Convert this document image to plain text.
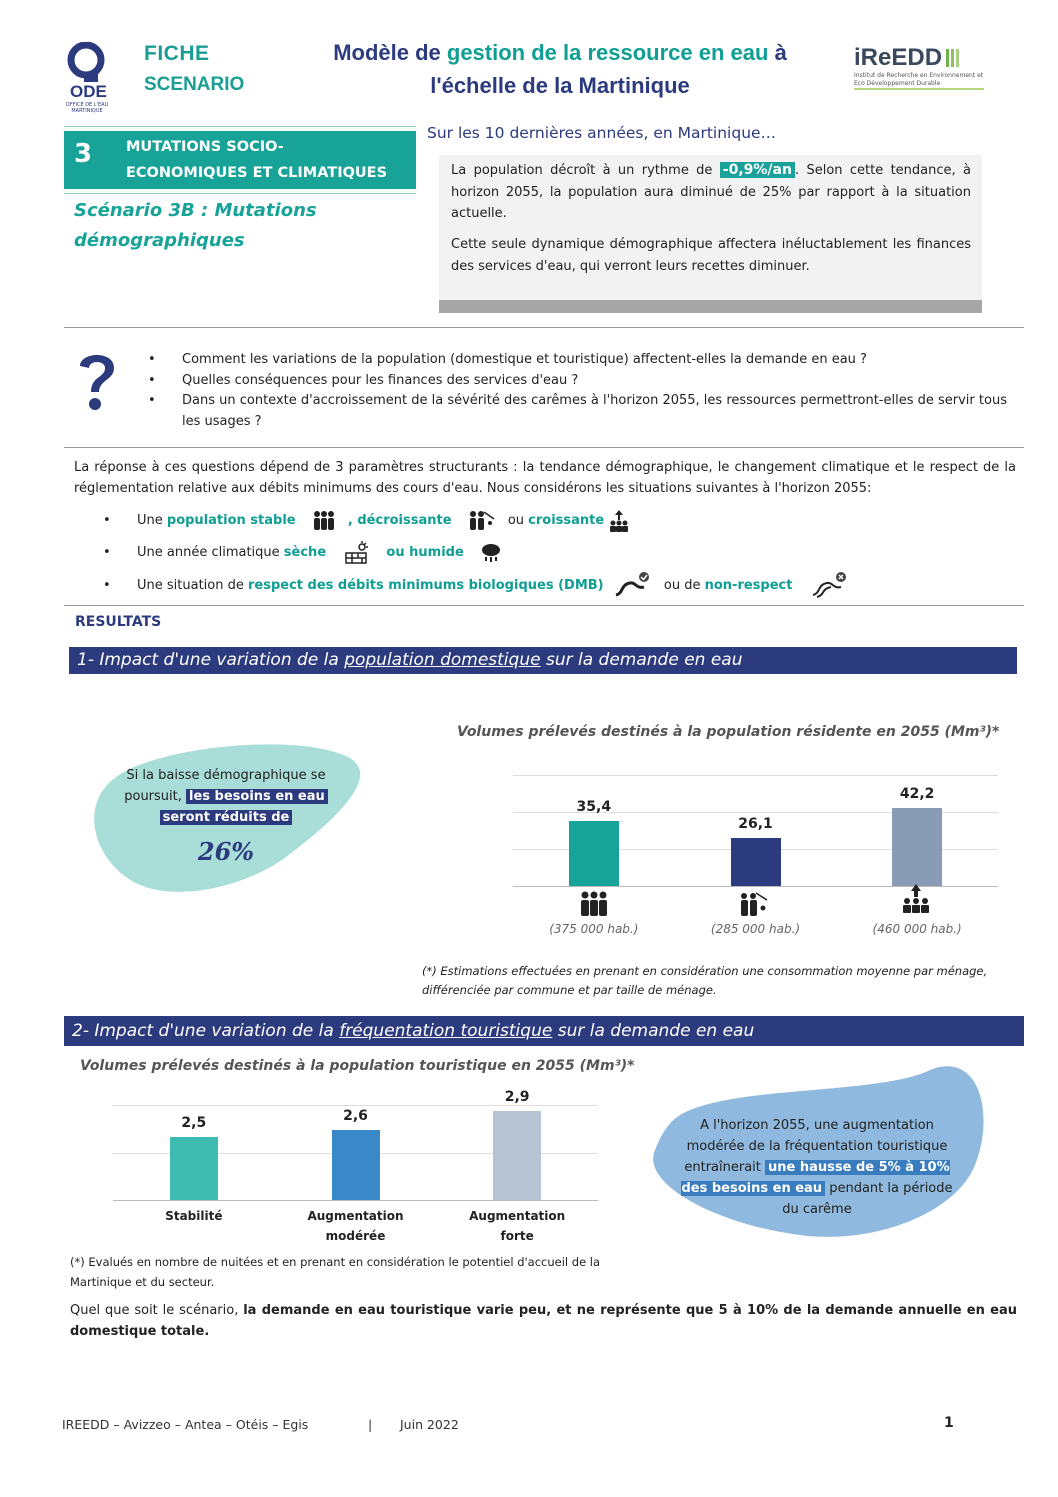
ODE
OFFICE DE L'EAU
MARTINIQUE
FICHE
SCENARIO
Modèle de gestion de la ressource en eau à
l'échelle de la Martinique
iReEDD
Institut de Recherche en Environnement et Eco Développement Durable
3 MUTATIONS SOCIO-
ECONOMIQUES ET CLIMATIQUES
Scénario 3B : Mutations
démographiques
Sur les 10 dernières années, en Martinique…

La population décroît à un rythme de -0,9%/an . Selon cette tendance, à horizon 2055, la population aura diminué de 25% par rapport à la situation actuelle.

Cette seule dynamique démographique affectera inéluctablement les finances des services d'eau, qui verront leurs recettes diminuer.

• Comment les variations de la population (domestique et touristique) affectent-elles la demande en eau ?
• Quelles conséquences pour les finances des services d'eau ?
• Dans un contexte d'accroissement de la sévérité des carêmes à l'horizon 2055, les ressources permettront-elles de servir tous les usages ?
La réponse à ces questions dépend de 3 paramètres structurants : la tendance démographique, le changement climatique et le respect de la réglementation relative aux débits minimums des cours d'eau. Nous considérons les situations suivantes à l'horizon 2055:
• Une population stable	, décroissante	ou croissante
• Une année climatique sèche	ou humide
• Une situation de respect des débits minimums biologiques (DMB)	ou de non-respect
RESULTATS
1- Impact d'une variation de la population domestique sur la demande en eau
Si la baisse démographique se poursuit, les besoins en eau
seront réduits de
26%
Volumes prélevés destinés à la population résidente en 2055 (Mm³)*
35,4
(375 000 hab.)
26,1
(285 000 hab.)
42,2
(460 000 hab.)
(*) Estimations effectuées en prenant en considération une consommation moyenne par ménage, différenciée par commune et par taille de ménage.
2- Impact d'une variation de la fréquentation touristique sur la demande en eau
Volumes prélevés destinés à la population touristique en 2055 (Mm³)*
2,5
Stabilité
2,6
Augmentation modérée
2,9
Augmentation forte
A l'horizon 2055, une augmentation modérée de la fréquentation touristique entraînerait une hausse de 5% à 10% des besoins en eau pendant la période du carême
(*) Evalués en nombre de nuitées et en prenant en considération le potentiel d'accueil de la Martinique et du secteur.
Quel que soit le scénario, la demande en eau touristique varie peu, et ne représente que 5 à 10% de la demande annuelle en eau domestique totale.
IREEDD – Avizzeo – Antea – Otéis – Egis	| Juin 2022	1
